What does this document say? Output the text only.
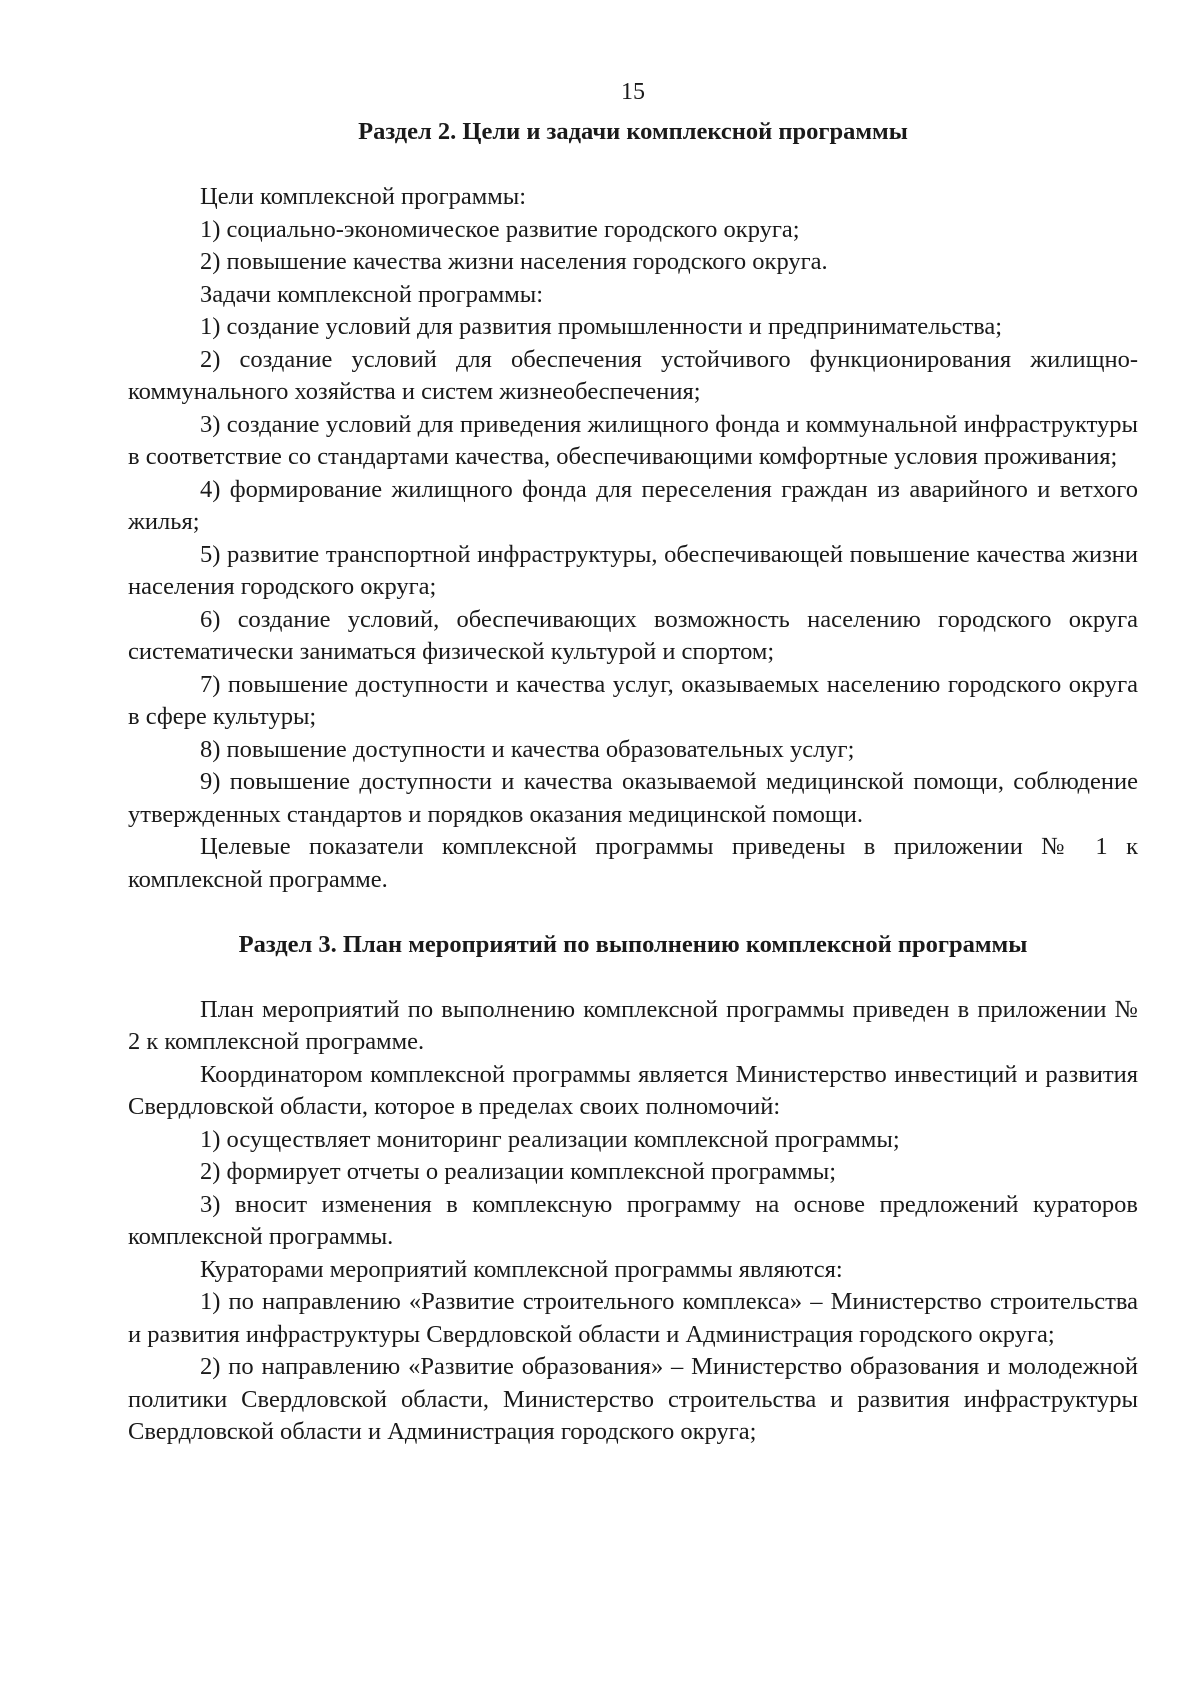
15

Раздел 2. Цели и задачи комплексной программы

Цели комплексной программы:

1) социально-экономическое развитие городского округа;

2) повышение качества жизни населения городского округа.

Задачи комплексной программы:

1) создание условий для развития промышленности и предпринимательства;

2) создание условий для обеспечения устойчивого функционирования жилищно-коммунального хозяйства и систем жизнеобеспечения;

3) создание условий для приведения жилищного фонда и коммунальной инфраструктуры в соответствие со стандартами качества, обеспечивающими комфортные условия проживания;

4) формирование жилищного фонда для переселения граждан из аварийного и ветхого жилья;

5) развитие транспортной инфраструктуры, обеспечивающей повышение качества жизни населения городского округа;

6) создание условий, обеспечивающих возможность населению городского округа систематически заниматься физической культурой и спортом;

7) повышение доступности и качества услуг, оказываемых населению городского округа в сфере культуры;

8) повышение доступности и качества образовательных услуг;

9) повышение доступности и качества оказываемой медицинской помощи, соблюдение утвержденных стандартов и порядков оказания медицинской помощи.

Целевые показатели комплексной программы приведены в приложении № 1 к комплексной программе.

Раздел 3. План мероприятий по выполнению комплексной программы

План мероприятий по выполнению комплексной программы приведен в приложении № 2 к комплексной программе.

Координатором комплексной программы является Министерство инвестиций и развития Свердловской области, которое в пределах своих полномочий:

1) осуществляет мониторинг реализации комплексной программы;

2) формирует отчеты о реализации комплексной программы;

3) вносит изменения в комплексную программу на основе предложений кураторов комплексной программы.

Кураторами мероприятий комплексной программы являются:

1) по направлению «Развитие строительного комплекса» – Министерство строительства и развития инфраструктуры Свердловской области и Администрация городского округа;

2) по направлению «Развитие образования» – Министерство образования и молодежной политики Свердловской области, Министерство строительства и развития инфраструктуры Свердловской области и Администрация городского округа;
